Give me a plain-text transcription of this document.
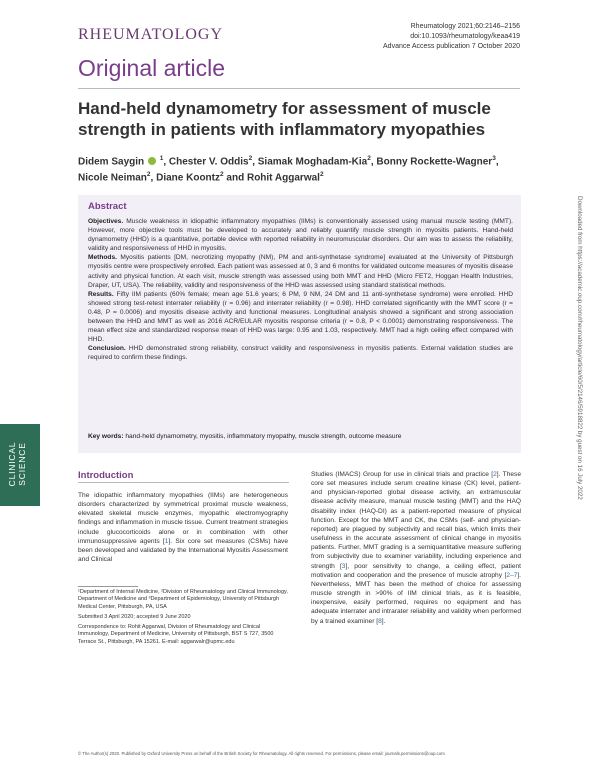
RHEUMATOLOGY	Rheumatology 2021;60:2146–2156
doi:10.1093/rheumatology/keaa419
Advance Access publication 7 October 2020
Original article
Hand-held dynamometry for assessment of muscle strength in patients with inflammatory myopathies
Didem Saygin $^1$, Chester V. Oddis$^2$, Siamak Moghadam-Kia$^2$, Bonny Rockette-Wagner$^3$, Nicole Neiman$^2$, Diane Koontz$^2$ and Rohit Aggarwal$^2$
Abstract

Objectives. Muscle weakness in idiopathic inflammatory myopathies (IIMs) is conventionally assessed using manual muscle testing (MMT). However, more objective tools must be developed to accurately and reliably quantify muscle strength in myositis patients. Hand-held dynamometry (HHD) is a quantitative, portable device with reported reliability in neuromuscular disorders. Our aim was to assess the reliability, validity and responsiveness of HHD in myositis.

Methods. Myositis patients [DM, necrotizing myopathy (NM), PM and anti-synthetase syndrome] evaluated at the University of Pittsburgh myositis centre were prospectively enrolled. Each patient was assessed at 0, 3 and 6 months for validated outcome measures of myositis disease activity and physical function. At each visit, muscle strength was assessed using both MMT and HHD (Micro FET2, Hoggan Health Industries, Draper, UT, USA). The reliability, validity and responsiveness of the HHD was assessed using standard statistical methods.

Results. Fifty IIM patients (60% female; mean age 51.6 years; 6 PM, 9 NM, 24 DM and 11 anti-synthetase syndrome) were enrolled. HHD showed strong test-retest interrater reliability (r = 0.96) and interrater reliability (r = 0.98). HHD correlated significantly with the MMT score (r = 0.48, P = 0.0006) and myositis disease activity and functional measures. Longitudinal analysis showed a significant and strong association between the HHD and MMT as well as 2016 ACR/EULAR myositis response criteria (r = 0.8, P < 0.0001) demonstrating responsiveness. The mean effect size and standardized response mean of HHD was large: 0.95 and 1.03, respectively. MMT had a high ceiling effect compared with HHD.

Conclusion. HHD demonstrated strong reliability, construct validity and responsiveness in myositis patients. External validation studies are required to confirm these findings.

Key words: hand-held dynamometry, myositis, inflammatory myopathy, muscle strength, outcome measure
Introduction
The idiopathic inflammatory myopathies (IIMs) are heterogeneous disorders characterized by symmetrical proximal muscle weakness, elevated skeletal muscle enzymes, myopathic electromyography findings and inflammation in muscle tissue. Current treatment strategies include glucocorticoids alone or in combination with other immunosuppressive agents [1]. Six core set measures (CSMs) have been developed and validated by the International Myositis Assessment and Clinical
Studies (IMACS) Group for use in clinical trials and practice [2]. These core set measures include serum creatine kinase (CK) level, patient- and physician-reported global disease activity, an extramuscular disease activity measure, manual muscle testing (MMT) and the HAQ disability index (HAQ-DI) as a patient-reported measure of physical function. Except for the MMT and CK, the CSMs (self- and physician-reported) are plagued by subjectivity and recall bias, which limits their usefulness in the accurate assessment of clinical change in myositis patients. Further, MMT grading is a semiquantitative measure suffering from subjectivity due to examiner variability, including experience and strength [3], poor sensitivity to change, a ceiling effect, patient motivation and cooperation and the presence of muscle atrophy [2–7]. Nevertheless, MMT has been the method of choice for assessing muscle strength in >90% of IIM clinical trials, as it is feasible, inexpensive, easily performed, requires no equipment and has adequate interrater and intrarater reliability and validity when performed by a trained examiner [8].

¹Department of Internal Medicine, ²Division of Rheumatology and Clinical Immunology, Department of Medicine and ³Department of Epidemiology, University of Pittsburgh Medical Center, Pittsburgh, PA, USA

Submitted 3 April 2020; accepted 9 June 2020

Correspondence to: Rohit Aggarwal, Division of Rheumatology and Clinical Immunology, Department of Medicine, University of Pittsburgh, BST S 727, 3500 Terrace St., Pittsburgh, PA 15261. E-mail: aggarwalr@upmc.edu

© The Author(s) 2020. Published by Oxford University Press on behalf of the British Society for Rheumatology. All rights reserved. For permissions, please email: journals.permissions@oup.com
CLINICAL
SCIENCE	Downloaded from https://academic.oup.com/rheumatology/article/60/5/2146/5918822 by guest on 16 July 2022
